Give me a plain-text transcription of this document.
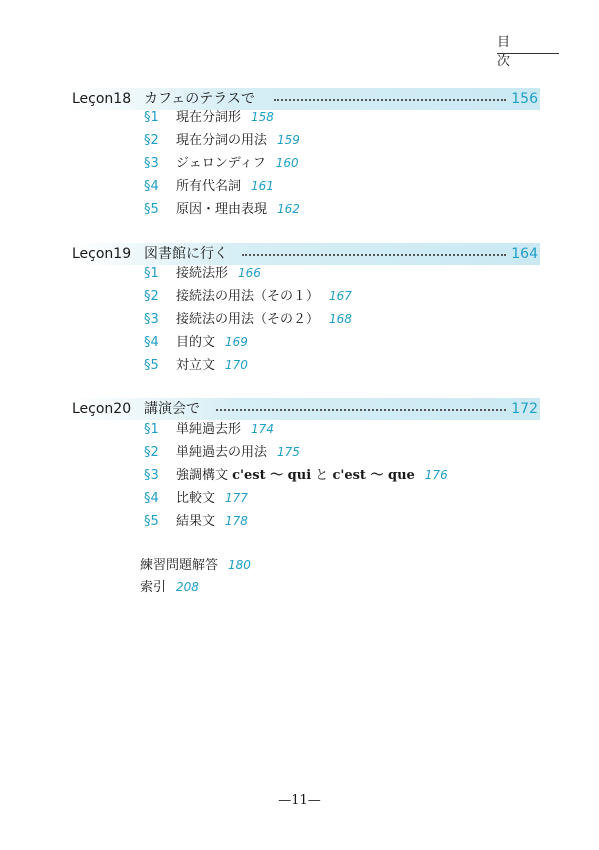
目 次
Leçon18 カフェのテラスで	156
§1 現在分詞形 158
§2 現在分詞の用法 159
§3 ジェロンディフ 160
§4 所有代名詞 161
§5 原因・理由表現 162
Leçon19 図書館に行く	164
§1 接続法形 166
§2 接続法の用法（その１） 167
§3 接続法の用法（その２） 168
§4 目的文 169
§5 対立文 170
Leçon20 講演会で	172
§1 単純過去形 174
§2 単純過去の用法 175
§3 強調構文 c'est ～ qui と c'est ～ que 176
§4 比較文 177
§5 結果文 178
練習問題解答 180
索引 208
—11—
